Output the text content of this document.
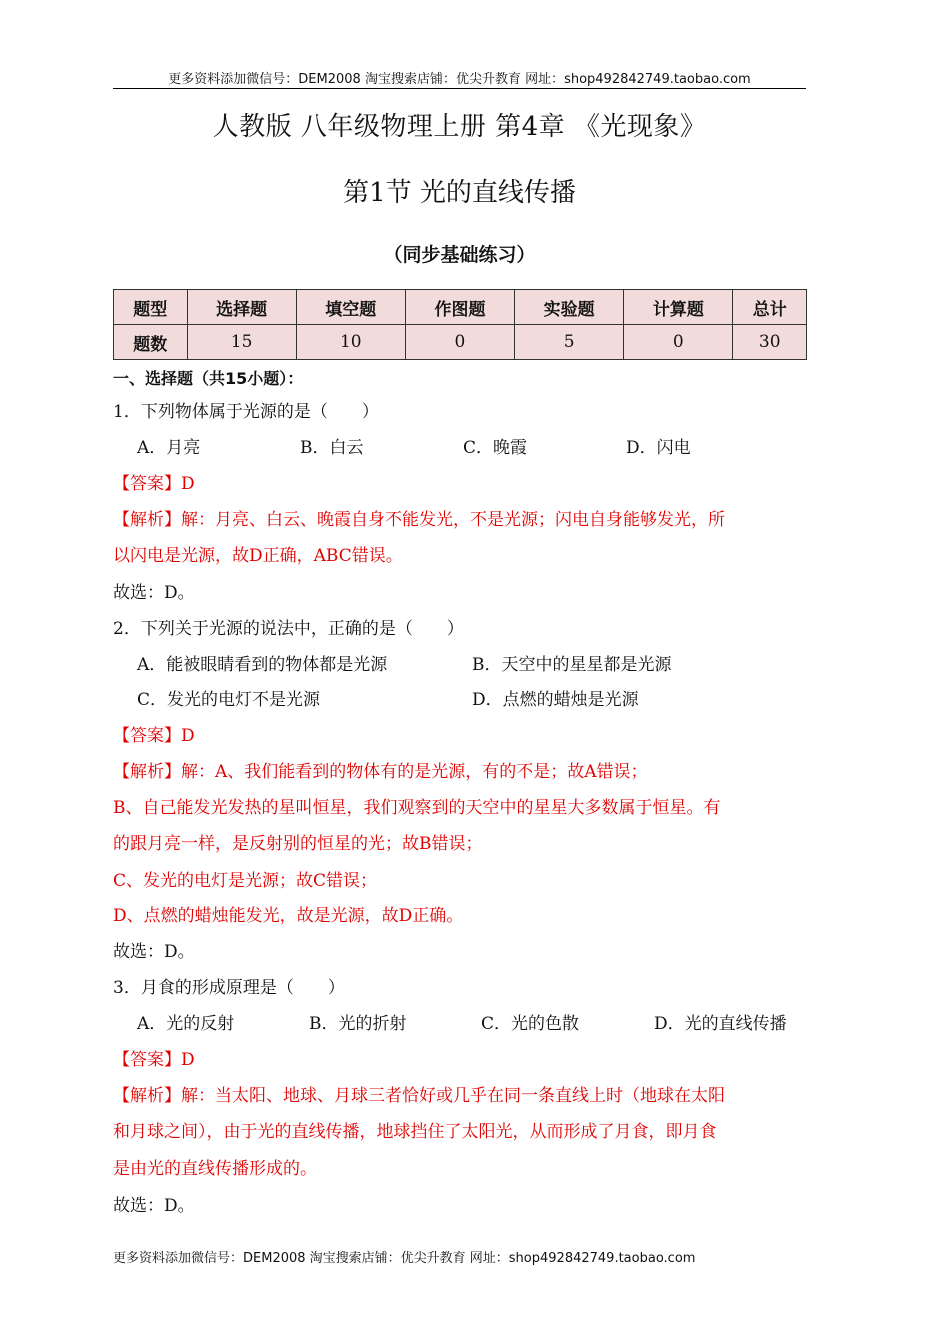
更多资料添加微信号：DEM2008 淘宝搜索店铺：优尖升教育 网址：shop492842749.taobao.com
人教版 八年级物理上册 第4章 《光现象》
第1节 光的直线传播
（同步基础练习）
题型	选择题	填空题	作图题	实验题	计算题	总计
题数	15	10	0	5	0	30
一、选择题（共15小题）：
1．下列物体属于光源的是（　　）
A．月亮	B．白云	C．晚霞	D．闪电
【答案】D
【解析】解：月亮、白云、晚霞自身不能发光，不是光源；闪电自身能够发光，所
以闪电是光源，故D正确，ABC错误。
故选：D。
2．下列关于光源的说法中，正确的是（　　）
A．能被眼睛看到的物体都是光源	B．天空中的星星都是光源
C．发光的电灯不是光源	D．点燃的蜡烛是光源
【答案】D
【解析】解：A、我们能看到的物体有的是光源，有的不是；故A错误；
B、自己能发光发热的星叫恒星，我们观察到的天空中的星星大多数属于恒星。有
的跟月亮一样，是反射别的恒星的光；故B错误；
C、发光的电灯是光源；故C错误；
D、点燃的蜡烛能发光，故是光源，故D正确。
故选：D。
3．月食的形成原理是（　　）
A．光的反射	B．光的折射	C．光的色散	D．光的直线传播
【答案】D
【解析】解：当太阳、地球、月球三者恰好或几乎在同一条直线上时（地球在太阳
和月球之间），由于光的直线传播，地球挡住了太阳光，从而形成了月食，即月食
是由光的直线传播形成的。
故选：D。
更多资料添加微信号：DEM2008 淘宝搜索店铺：优尖升教育 网址：shop492842749.taobao.com
